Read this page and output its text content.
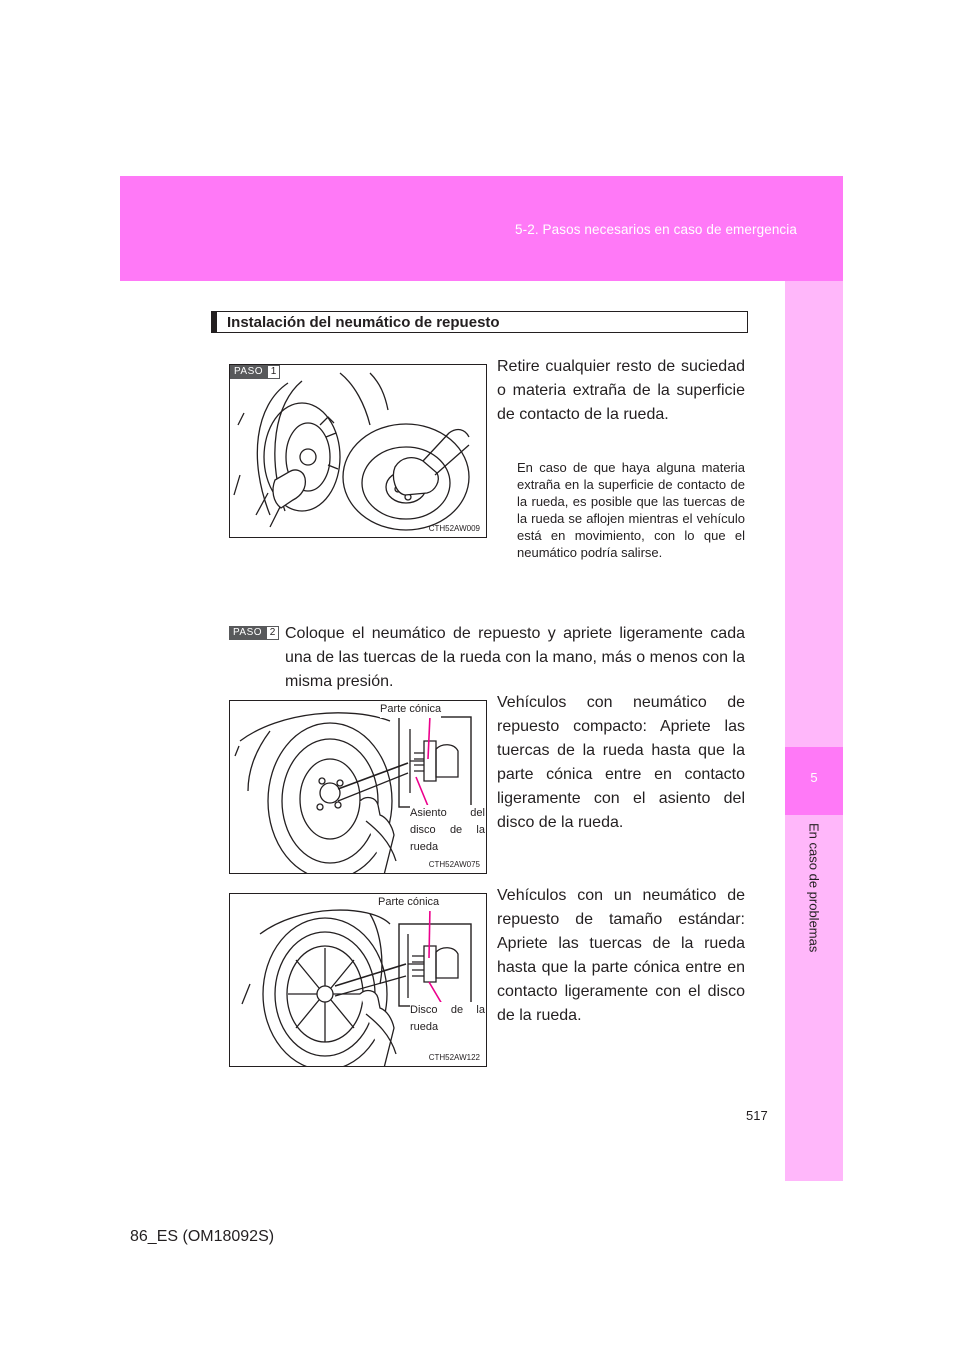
5-2. Pasos necesarios en caso de emergencia
5
En caso de problemas
Instalación del neumático de repuesto
PASO 1
CTH52AW009
Retire cualquier resto de suciedad o materia extraña de la superficie de contacto de la rueda.
En caso de que haya alguna materia extraña en la superficie de contacto de la rueda, es posible que las tuercas de la rueda se aflojen mientras el vehículo está en movimiento, con lo que el neumático podría salirse.
PASO 2 Coloque el neumático de repuesto y apriete ligeramente cada una de las tuercas de la rueda con la mano, más o menos con la misma presión.
Parte cónica
Asiento del disco de la rueda
CTH52AW075
Vehículos con neumático de repuesto compacto: Apriete las tuercas de la rueda hasta que la parte cónica entre en contacto ligeramente con el asiento del disco de la rueda.
Parte cónica
Disco de la rueda
CTH52AW122
Vehículos con un neumático de repuesto de tamaño estándar: Apriete las tuercas de la rueda hasta que la parte cónica entre en contacto ligeramente con el disco de la rueda.
517
86_ES (OM18092S)
